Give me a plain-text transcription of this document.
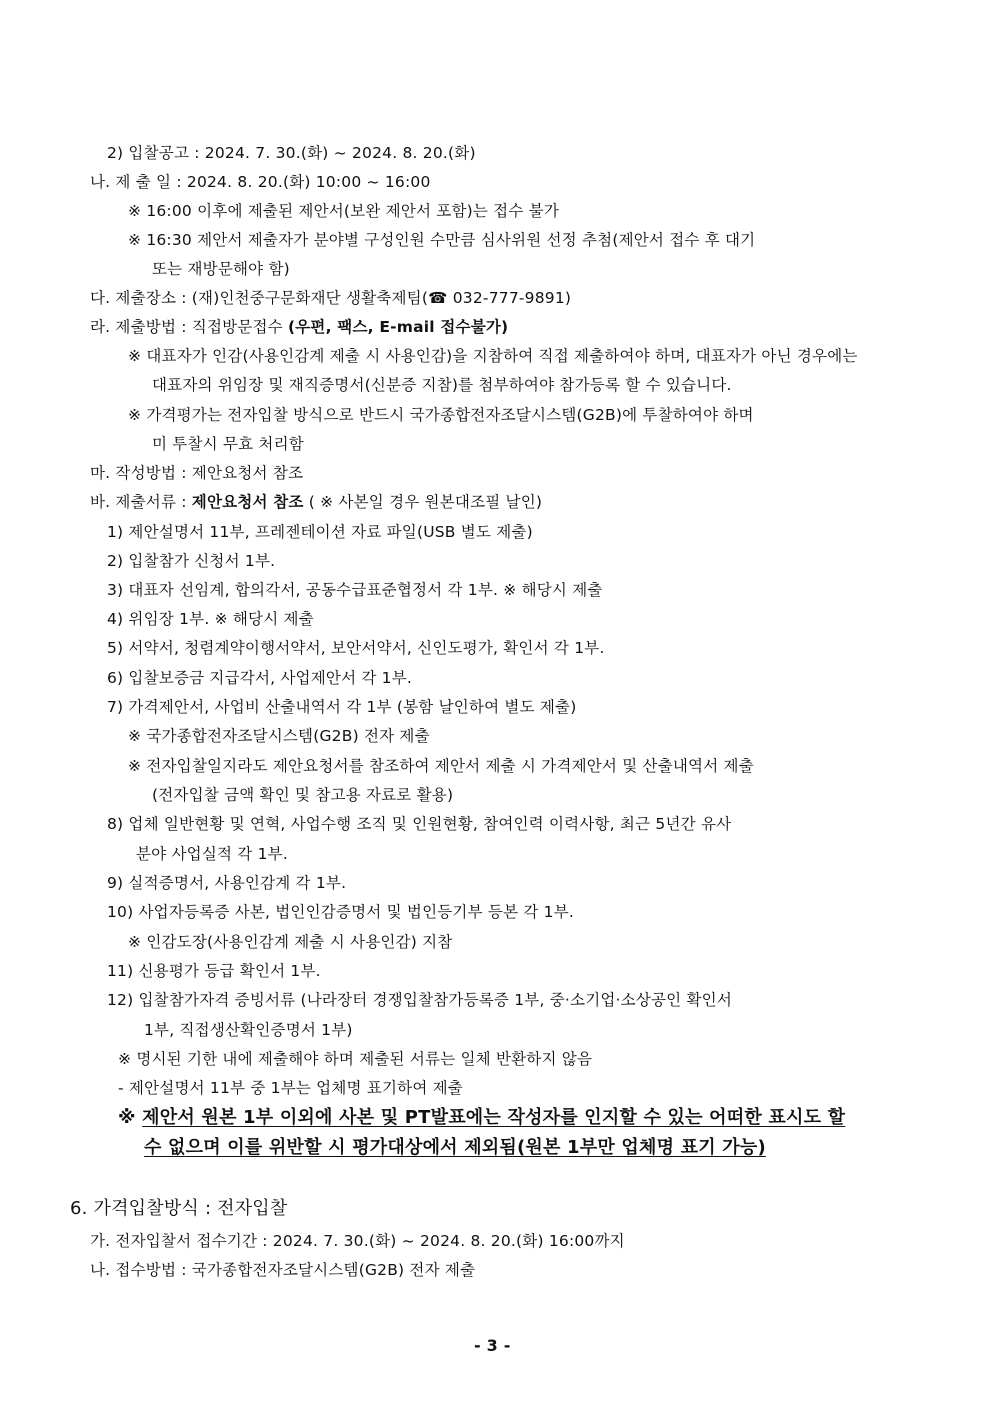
2) 입찰공고 : 2024. 7. 30.(화) ~ 2024. 8. 20.(화)
나. 제 출 일 : 2024. 8. 20.(화) 10:00 ~ 16:00
※ 16:00 이후에 제출된 제안서(보완 제안서 포함)는 접수 불가
※ 16:30 제안서 제출자가 분야별 구성인원 수만큼 심사위원 선정 추첨(제안서 접수 후 대기
또는 재방문해야 함)
다. 제출장소 : (재)인천중구문화재단 생활축제팀(☎ 032-777-9891)
라. 제출방법 : 직접방문접수 (우편, 팩스, E-mail 접수불가)
※ 대표자가 인감(사용인감계 제출 시 사용인감)을 지참하여 직접 제출하여야 하며, 대표자가 아닌 경우에는
대표자의 위임장 및 재직증명서(신분증 지참)를 첨부하여야 참가등록 할 수 있습니다.
※ 가격평가는 전자입찰 방식으로 반드시 국가종합전자조달시스템(G2B)에 투찰하여야 하며
미 투찰시 무효 처리함
마. 작성방법 : 제안요청서 참조
바. 제출서류 : 제안요청서 참조 ( ※ 사본일 경우 원본대조필 날인)
1) 제안설명서 11부, 프레젠테이션 자료 파일(USB 별도 제출)
2) 입찰참가 신청서 1부.
3) 대표자 선임계, 합의각서, 공동수급표준협정서 각 1부. ※ 해당시 제출
4) 위임장 1부. ※ 해당시 제출
5) 서약서, 청렴계약이행서약서, 보안서약서, 신인도평가, 확인서 각 1부.
6) 입찰보증금 지급각서, 사업제안서 각 1부.
7) 가격제안서, 사업비 산출내역서 각 1부 (봉함 날인하여 별도 제출)
※ 국가종합전자조달시스템(G2B) 전자 제출
※ 전자입찰일지라도 제안요청서를 참조하여 제안서 제출 시 가격제안서 및 산출내역서 제출
(전자입찰 금액 확인 및 참고용 자료로 활용)
8) 업체 일반현황 및 연혁, 사업수행 조직 및 인원현황, 참여인력 이력사항, 최근 5년간 유사
분야 사업실적 각 1부.
9) 실적증명서, 사용인감계 각 1부.
10) 사업자등록증 사본, 법인인감증명서 및 법인등기부 등본 각 1부.
※ 인감도장(사용인감계 제출 시 사용인감) 지참
11) 신용평가 등급 확인서 1부.
12) 입찰참가자격 증빙서류 (나라장터 경쟁입찰참가등록증 1부, 중·소기업·소상공인 확인서
1부, 직접생산확인증명서 1부)
※ 명시된 기한 내에 제출해야 하며 제출된 서류는 일체 반환하지 않음
- 제안설명서 11부 중 1부는 업체명 표기하여 제출
※ 제안서 원본 1부 이외에 사본 및 PT발표에는 작성자를 인지할 수 있는 어떠한 표시도 할
수 없으며 이를 위반할 시 평가대상에서 제외됨(원본 1부만 업체명 표기 가능)
6. 가격입찰방식 : 전자입찰
가. 전자입찰서 접수기간 : 2024. 7. 30.(화) ~ 2024. 8. 20.(화) 16:00까지
나. 접수방법 : 국가종합전자조달시스템(G2B) 전자 제출
- 3 -
